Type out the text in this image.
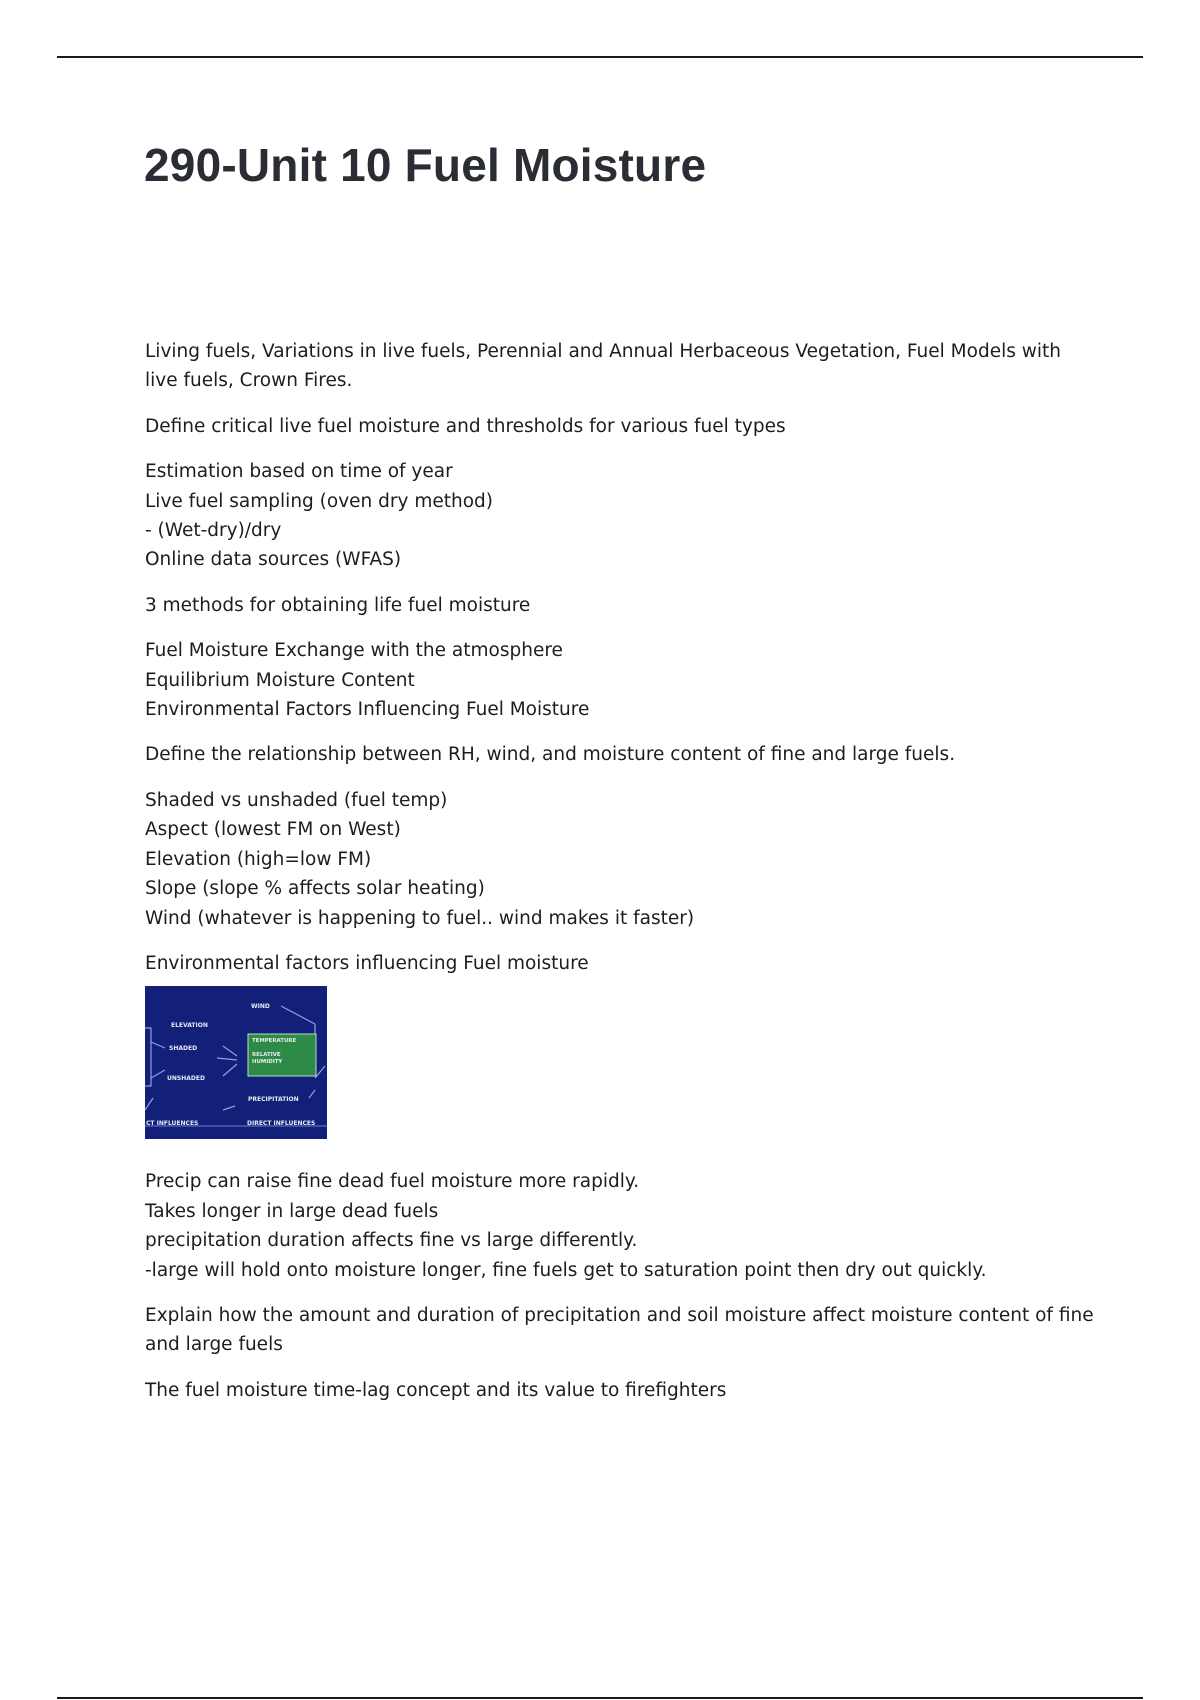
290-Unit 10 Fuel Moisture

Living fuels, Variations in live fuels, Perennial and Annual Herbaceous Vegetation, Fuel Models with live fuels, Crown Fires.

Define critical live fuel moisture and thresholds for various fuel types

Estimation based on time of year
Live fuel sampling (oven dry method)
- (Wet-dry)/dry
Online data sources (WFAS)

3 methods for obtaining life fuel moisture

Fuel Moisture Exchange with the atmosphere
Equilibrium Moisture Content
Environmental Factors Influencing Fuel Moisture

Define the relationship between RH, wind, and moisture content of fine and large fuels.

Shaded vs unshaded (fuel temp)
Aspect (lowest FM on West)
Elevation (high=low FM)
Slope (slope % affects solar heating)
Wind (whatever is happening to fuel.. wind makes it faster)

Environmental factors influencing Fuel moisture

WIND
ELEVATION
SHADED
UNSHADED
TEMPERATURE
RELATIVE
HUMIDITY
PRECIPITATION
CT INFLUENCES	DIRECT INFLUENCES

Precip can raise fine dead fuel moisture more rapidly.
Takes longer in large dead fuels
precipitation duration affects fine vs large differently.
-large will hold onto moisture longer, fine fuels get to saturation point then dry out quickly.

Explain how the amount and duration of precipitation and soil moisture affect moisture content of fine and large fuels

The fuel moisture time-lag concept and its value to firefighters
